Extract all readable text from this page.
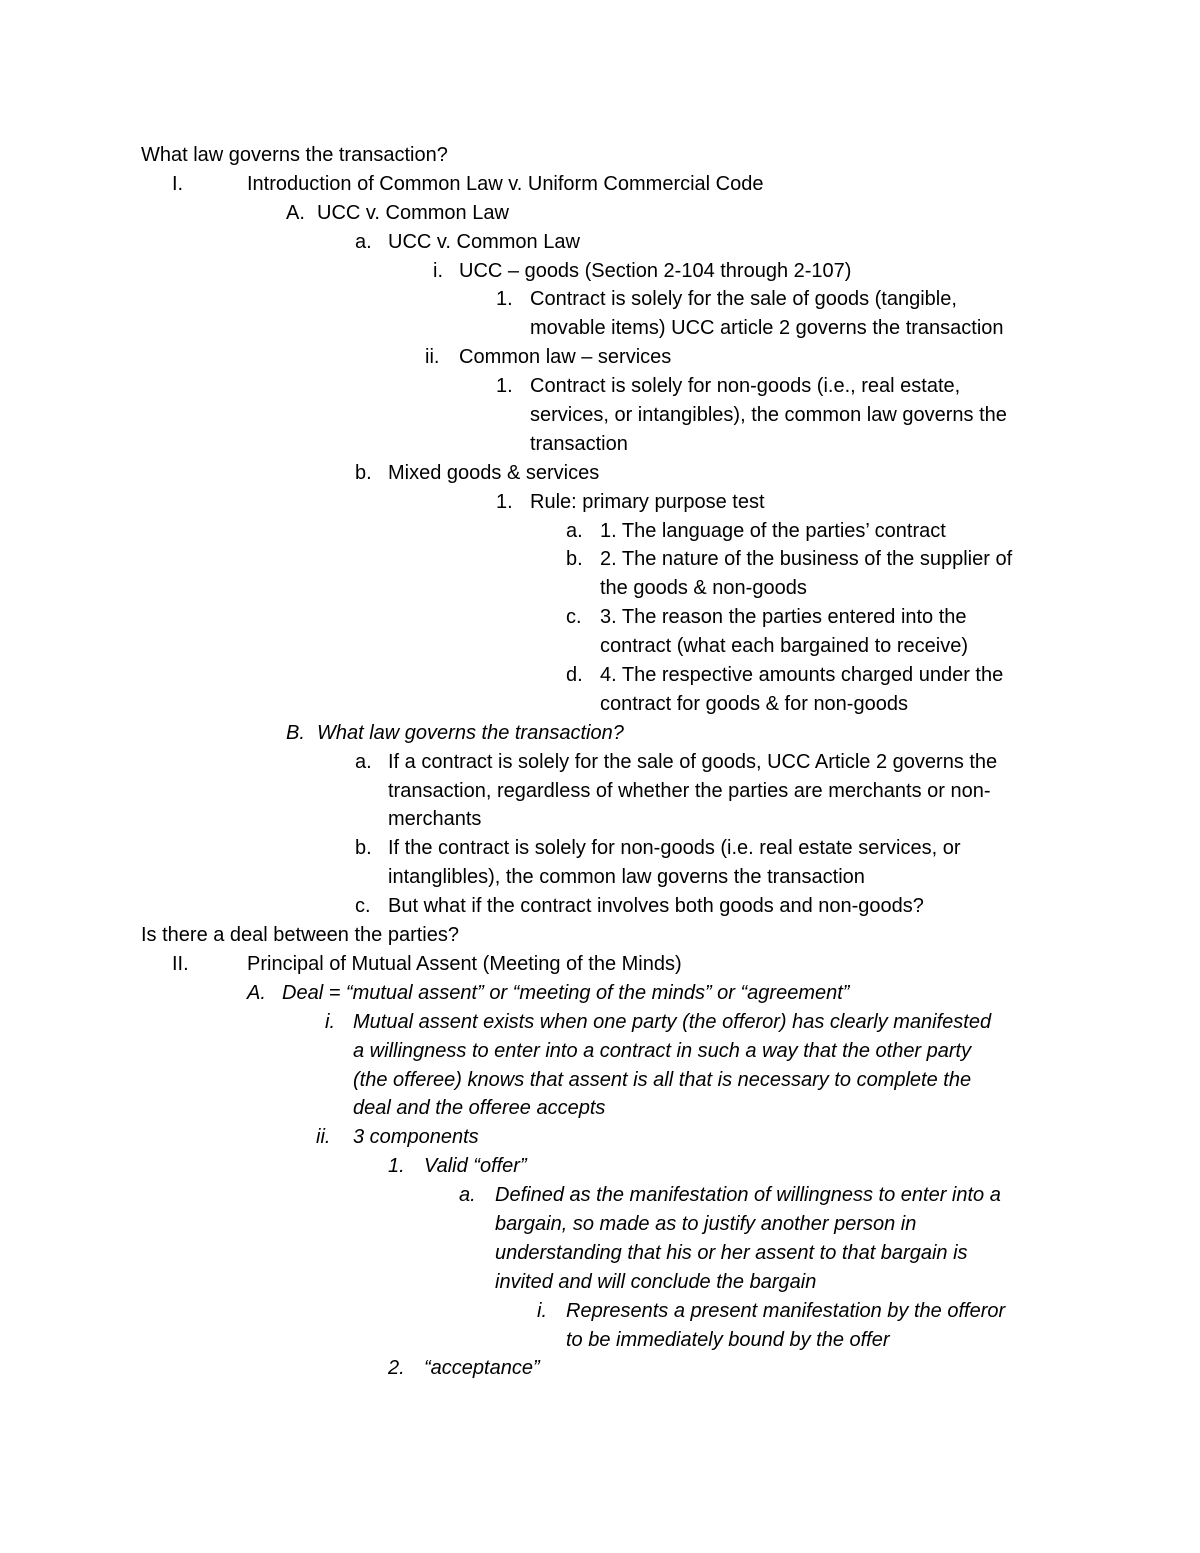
What law governs the transaction?
I.	Introduction of Common Law v. Uniform Commercial Code
A. UCC v. Common Law
a. UCC v. Common Law
i. UCC – goods (Section 2-104 through 2-107)
1. Contract is solely for the sale of goods (tangible,
movable items) UCC article 2 governs the transaction
ii. Common law – services
1. Contract is solely for non-goods (i.e., real estate,
services, or intangibles), the common law governs the
transaction
b. Mixed goods & services
1. Rule: primary purpose test
a. 1. The language of the parties’ contract
b. 2. The nature of the business of the supplier of
the goods & non-goods
c. 3. The reason the parties entered into the
contract (what each bargained to receive)
d. 4. The respective amounts charged under the
contract for goods & for non-goods
B. What law governs the transaction?
a. If a contract is solely for the sale of goods, UCC Article 2 governs the
transaction, regardless of whether the parties are merchants or non-
merchants
b. If the contract is solely for non-goods (i.e. real estate services, or
intanglibles), the common law governs the transaction
c. But what if the contract involves both goods and non-goods?
Is there a deal between the parties?
II.	Principal of Mutual Assent (Meeting of the Minds)
A. Deal = “mutual assent” or “meeting of the minds” or “agreement”
i. Mutual assent exists when one party (the offeror) has clearly manifested
a willingness to enter into a contract in such a way that the other party
(the offeree) knows that assent is all that is necessary to complete the
deal and the offeree accepts
ii. 3 components
1. Valid “offer”
a. Defined as the manifestation of willingness to enter into a
bargain, so made as to justify another person in
understanding that his or her assent to that bargain is
invited and will conclude the bargain
i. Represents a present manifestation by the offeror
to be immediately bound by the offer
2. “acceptance”
